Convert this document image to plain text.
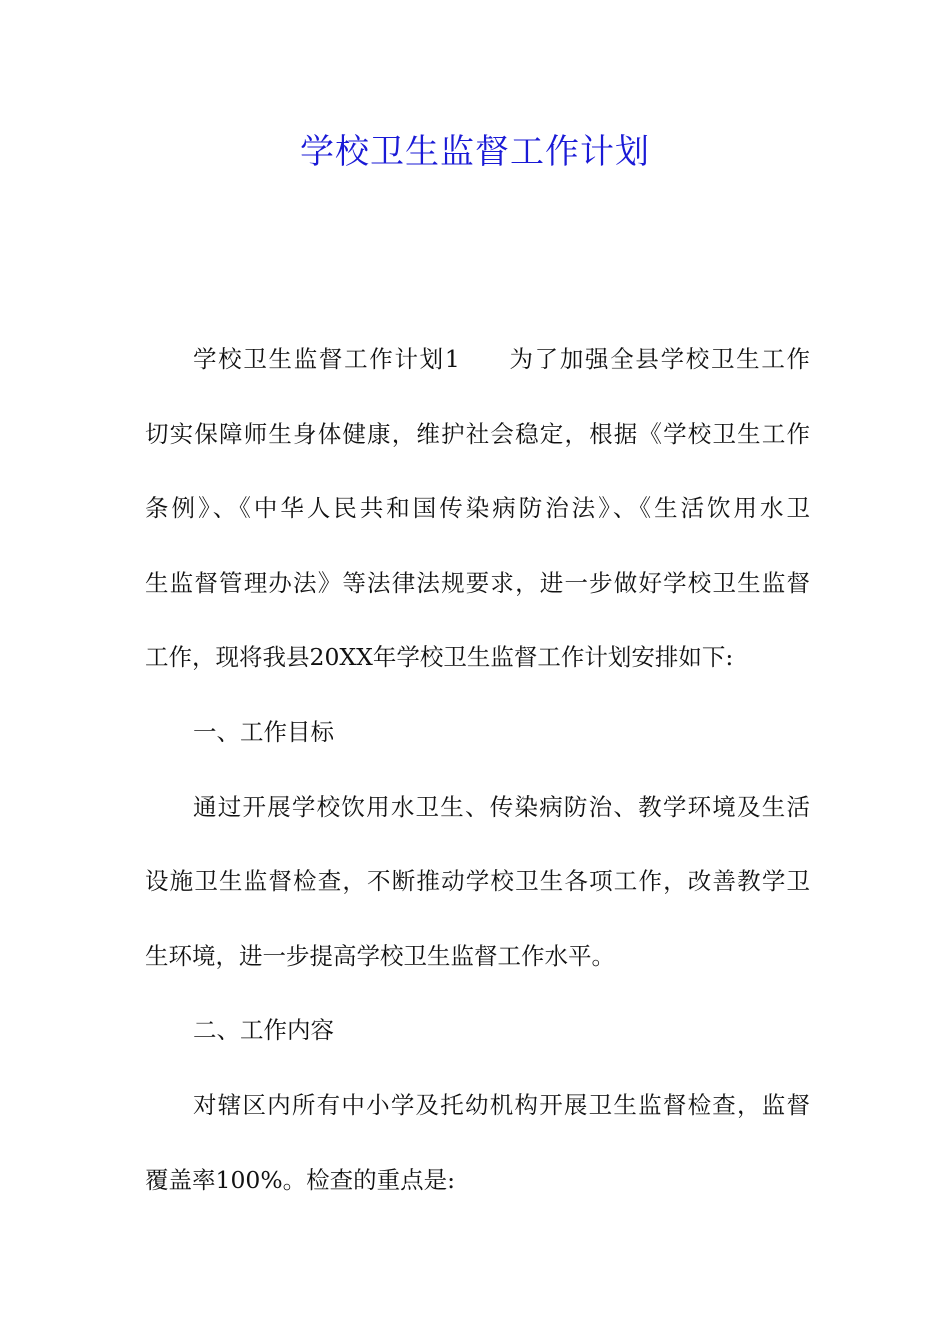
学校卫生监督工作计划
学校卫生监督工作计划1 为了加强全县学校卫生工作
切实保障师生身体健康，维护社会稳定，根据《学校卫生工作
条例》、《中华人民共和国传染病防治法》、《生活饮用水卫
生监督管理办法》等法律法规要求，进一步做好学校卫生监督
工作，现将我县20XX年学校卫生监督工作计划安排如下:
一、工作目标
通过开展学校饮用水卫生、传染病防治、教学环境及生活
设施卫生监督检查，不断推动学校卫生各项工作，改善教学卫
生环境，进一步提高学校卫生监督工作水平。
二、工作内容
对辖区内所有中小学及托幼机构开展卫生监督检查，监督
覆盖率100%。检查的重点是:
